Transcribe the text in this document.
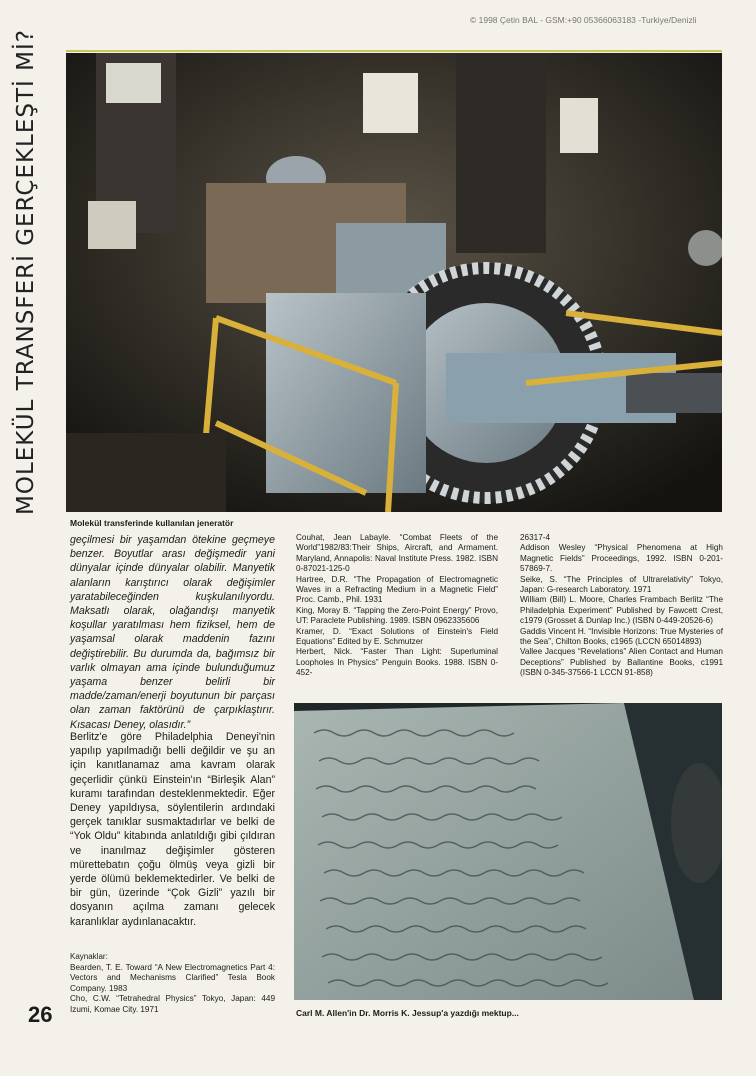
© 1998 Çetin BAL - GSM:+90 05366063183 -Turkiye/Denizli
MOLEKÜL TRANSFERİ GERÇEKLEŞTİ Mİ?
Molekül transferinde kullanılan jeneratör
geçilmesi bir yaşamdan ötekine geçmeye benzer. Boyutlar arası değişmedir yani dünyalar içinde dünyalar olabilir. Manyetik alanların karıştırıcı olarak değişimler yaratabileceğinden kuşkulanılıyordu. Maksatlı olarak, olağandışı manyetik koşullar yaratılması hem fiziksel, hem de yaşamsal olarak maddenin fazını değiştirebilir. Bu durumda da, bağımsız bir varlık olmayan ama içinde bulunduğumuz yaşama benzer belirli bir madde/zaman/enerji boyutunun bir parçası olan zaman faktörünü de çarpıklaştırır. Kısacası Deney, olasıdır.”
Berlitz'e göre Philadelphia Deneyi'nin yapılıp yapılmadığı belli değildir ve şu an için kanıtlanamaz ama kavram olarak geçerlidir çünkü Einstein'ın “Birleşik Alan” kuramı tarafından desteklenmektedir. Eğer Deney yapıldıysa, söylentilerin ardındaki gerçek tanıklar susmaktadırlar ve belki de “Yok Oldu” kitabında anlatıldığı gibi çıldıran ve inanılmaz değişimler gösteren mürettebatın çoğu ölmüş veya gizli bir yerde ölümü beklemektedirler. Ve belki de bir gün, üzerinde “Çok Gizli” yazılı bir dosyanın açılma zamanı gelecek karanlıklar aydınlanacaktır.
Kaynaklar:

Bearden, T. E. Toward “A New Electromagnetics Part 4: Vectors and Mechanisms Clarified” Tesla Book Company. 1983

Cho, C.W. “Tetrahedral Physics” Tokyo, Japan: 449 Izumi, Komae City. 1971

Couhat, Jean Labayle. “Combat Fleets of the World”1982/83:Their Ships, Aircraft, and Armament. Maryland, Annapolis: Naval Institute Press. 1982. ISBN 0-87021-125-0

Hartree, D.R. “The Propagation of Electromagnetic Waves in a Refracting Medium in a Magnetic Field” Proc. Camb., Phil. 1931

King, Moray B. “Tapping the Zero-Point Energy” Provo, UT: Paraclete Publishing. 1989. ISBN 0962335606

Kramer, D. “Exact Solutions of Einstein's Field Equations” Edited by E. Schmutzer

Herbert, Nick. “Faster Than Light: Superluminal Loopholes In Physics” Penguin Books. 1988. ISBN 0-452-

26317-4

Addison Wesley “Physical Phenomena at High Magnetic Fields” Proceedings, 1992. ISBN 0-201-57869-7.

Seike, S. “The Principles of Ultrarelativity” Tokyo, Japan: G-research Laboratory. 1971

William (Bill) L. Moore, Charles Frambach Berlitz “The Philadelphia Experiment” Published by Fawcett Crest, c1979 (Grosset & Dunlap Inc.) (ISBN 0-449-20526-6)

Gaddis Vincent H. “Invisible Horizons: True Mysteries of the Sea”, Chilton Books, c1965 (LCCN 65014893)

Vallee Jacques “Revelations” Alien Contact and Human Deceptions” Published by Ballantine Books, c1991 (ISBN 0-345-37566-1 LCCN 91-858)

Carl M. Allen'in Dr. Morris K. Jessup'a yazdığı mektup...
26
